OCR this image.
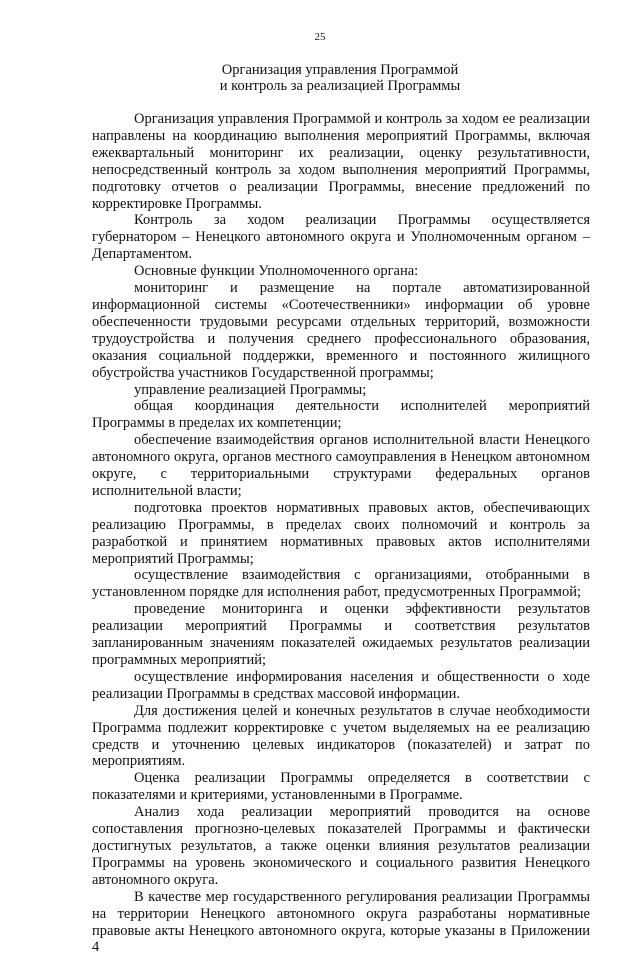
25
Организация управления Программой
и контроль за реализацией Программы

Организация управления Программой и контроль за ходом ее реализации направлены на координацию выполнения мероприятий Программы, включая ежеквартальный мониторинг их реализации, оценку результативности, непосредственный контроль за ходом выполнения мероприятий Программы, подготовку отчетов о реализации Программы, внесение предложений по корректировке Программы.

Контроль за ходом реализации Программы осуществляется губернатором – Ненецкого автономного округа и Уполномоченным органом – Департаментом.

Основные функции Уполномоченного органа:

мониторинг и размещение на портале автоматизированной информационной системы «Соотечественники» информации об уровне обеспеченности трудовыми ресурсами отдельных территорий, возможности трудоустройства и получения среднего профессионального образования, оказания социальной поддержки, временного и постоянного жилищного обустройства участников Государственной программы;

управление реализацией Программы;

общая координация деятельности исполнителей мероприятий Программы в пределах их компетенции;

обеспечение взаимодействия органов исполнительной власти Ненецкого автономного округа, органов местного самоуправления в Ненецком автономном округе, с территориальными структурами федеральных органов исполнительной власти;

подготовка проектов нормативных правовых актов, обеспечивающих реализацию Программы, в пределах своих полномочий и контроль за разработкой и принятием нормативных правовых актов исполнителями мероприятий Программы;

осуществление взаимодействия с организациями, отобранными в установленном порядке для исполнения работ, предусмотренных Программой;

проведение мониторинга и оценки эффективности результатов реализации мероприятий Программы и соответствия результатов запланированным значениям показателей ожидаемых результатов реализации программных мероприятий;

осуществление информирования населения и общественности о ходе реализации Программы в средствах массовой информации.

Для достижения целей и конечных результатов в случае необходимости Программа подлежит корректировке с учетом выделяемых на ее реализацию средств и уточнению целевых индикаторов (показателей) и затрат по мероприятиям.

Оценка реализации Программы определяется в соответствии с показателями и критериями, установленными в Программе.

Анализ хода реализации мероприятий проводится на основе сопоставления прогнозно-целевых показателей Программы и фактически достигнутых результатов, а также оценки влияния результатов реализации Программы на уровень экономического и социального развития Ненецкого автономного округа.

В качестве мер государственного регулирования реализации Программы на территории Ненецкого автономного округа разработаны нормативные правовые акты Ненецкого автономного округа, которые указаны в Приложении 4
